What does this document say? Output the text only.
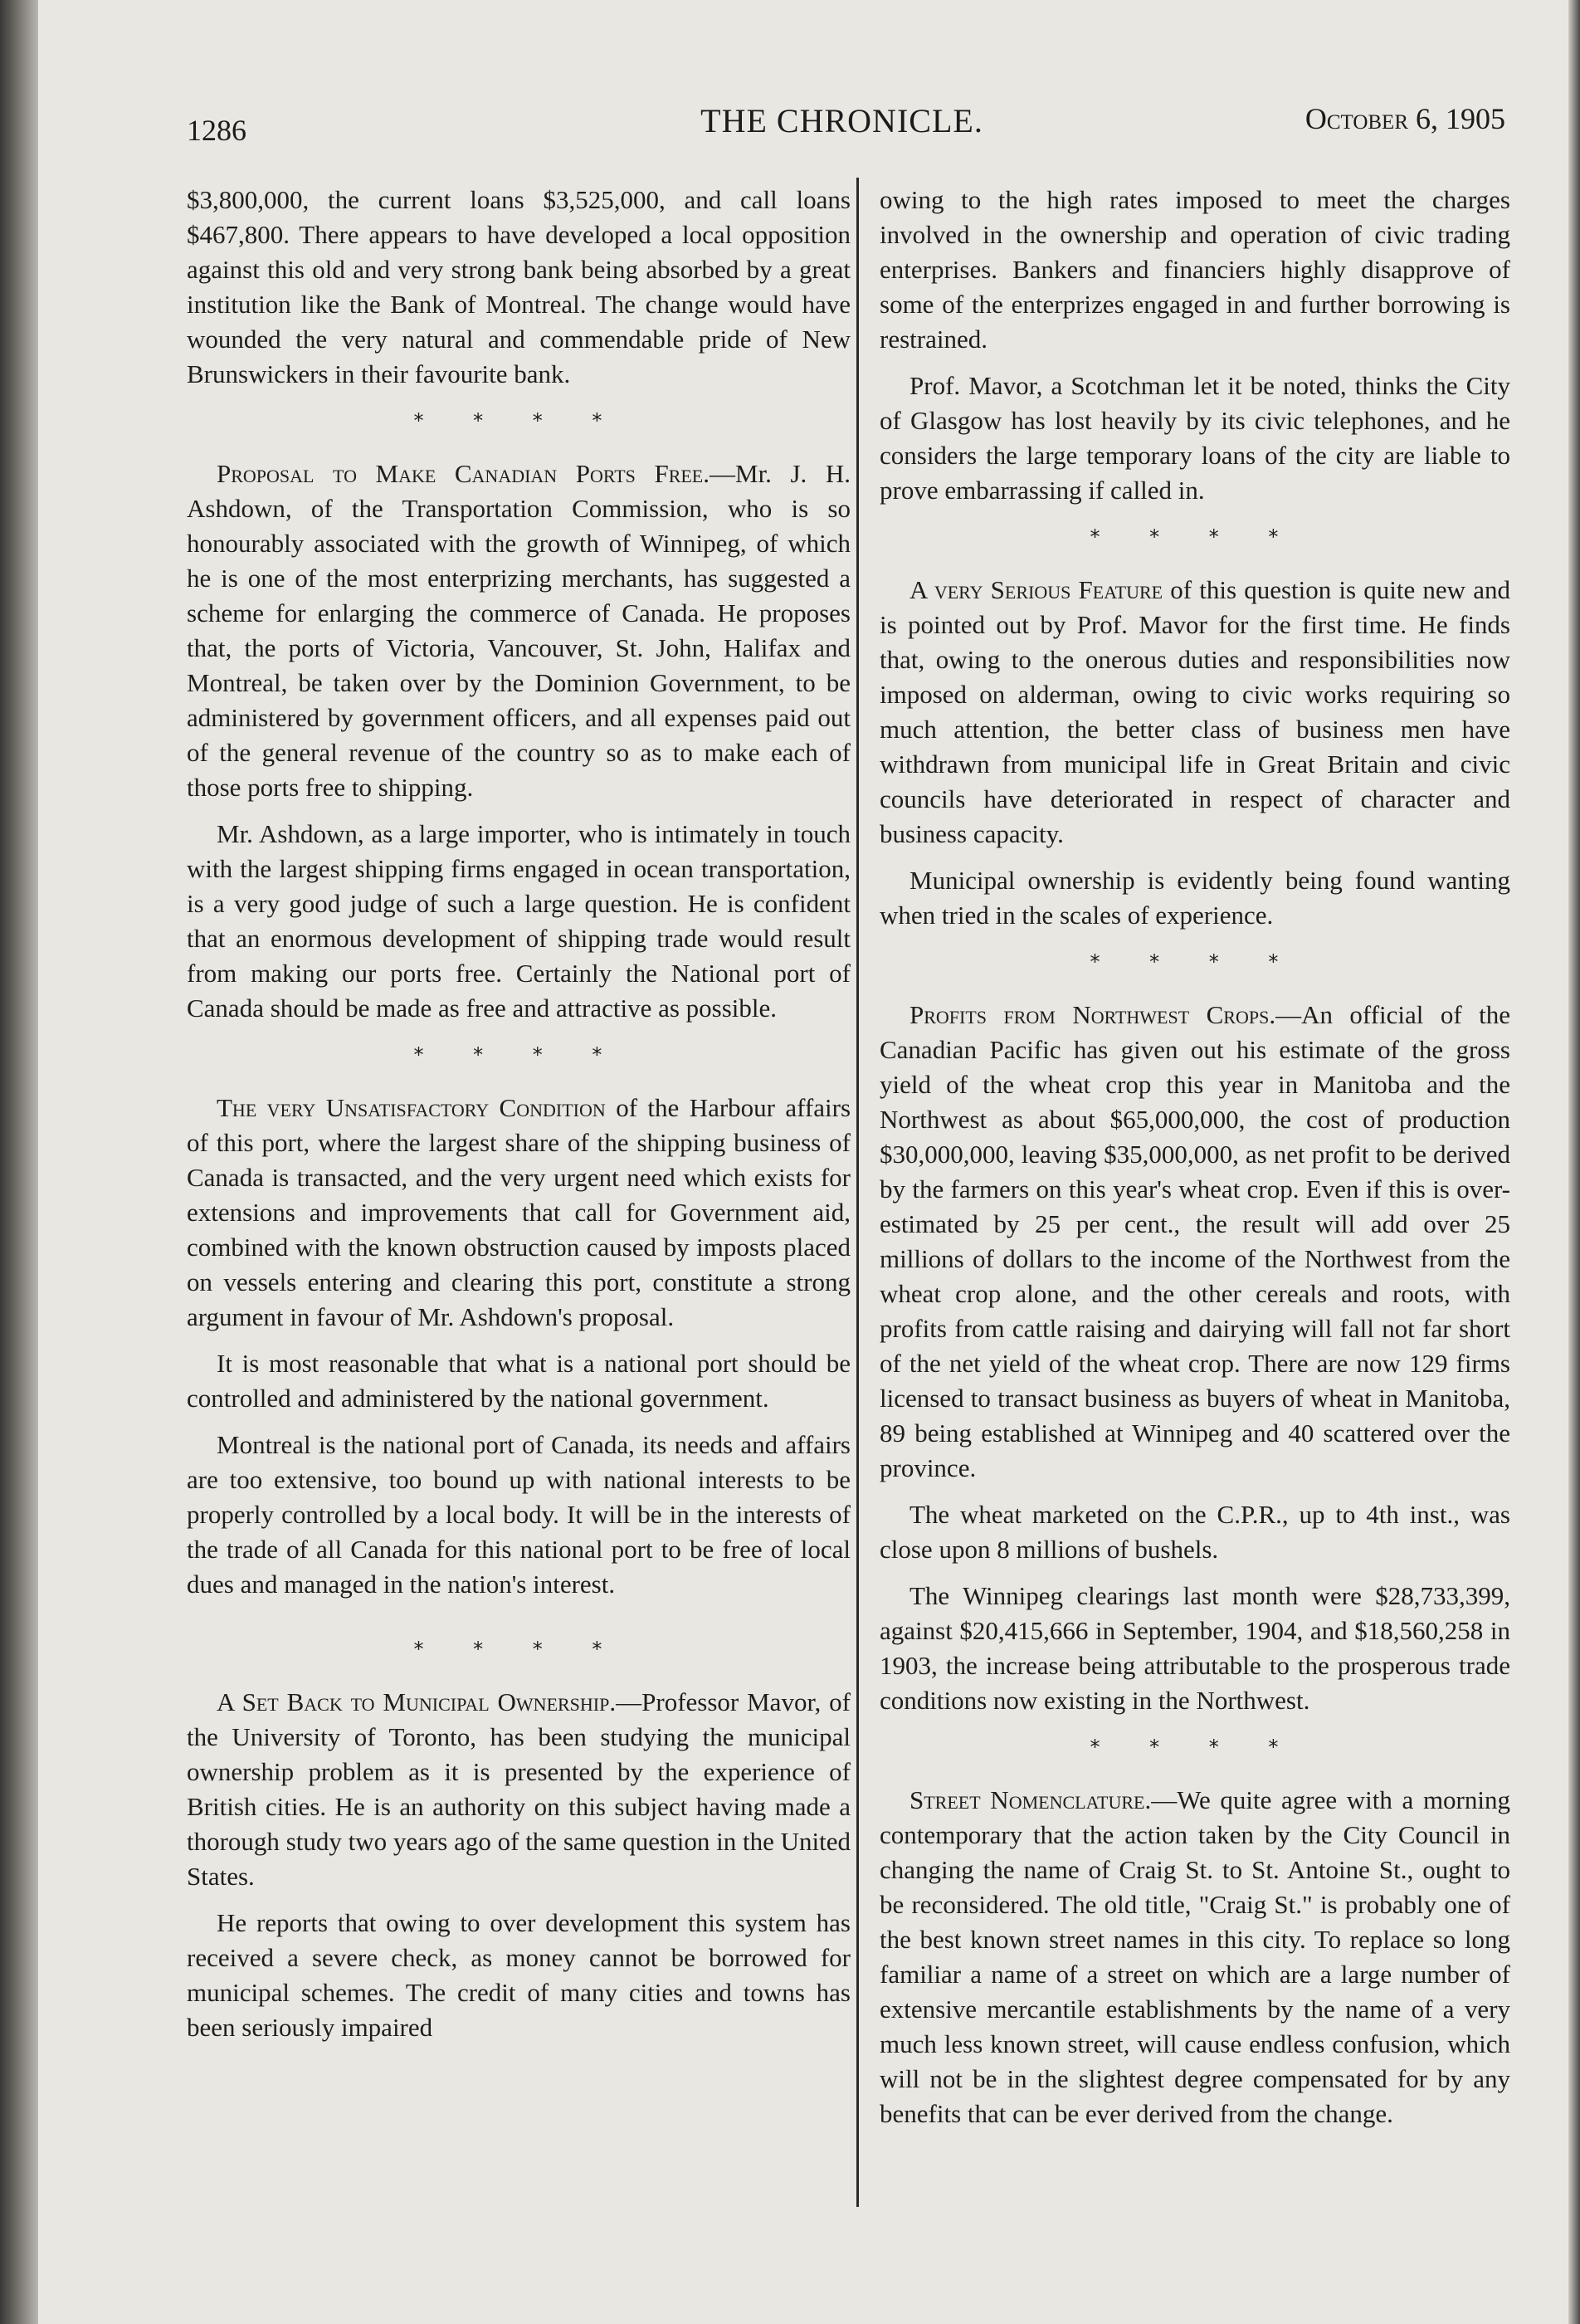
1286	THE CHRONICLE.	October 6, 1905

$3,800,000, the current loans $3,525,000, and call loans $467,800. There appears to have developed a local opposition against this old and very strong bank being absorbed by a great institution like the Bank of Montreal. The change would have wounded the very natural and commendable pride of New Brunswickers in their favourite bank.

* * * *

Proposal to Make Canadian Ports Free.—Mr. J. H. Ashdown, of the Transportation Commission, who is so honourably associated with the growth of Winnipeg, of which he is one of the most enterprizing merchants, has suggested a scheme for enlarging the commerce of Canada. He proposes that, the ports of Victoria, Vancouver, St. John, Halifax and Montreal, be taken over by the Dominion Government, to be administered by government officers, and all expenses paid out of the general revenue of the country so as to make each of those ports free to shipping.

Mr. Ashdown, as a large importer, who is intimately in touch with the largest shipping firms engaged in ocean transportation, is a very good judge of such a large question. He is confident that an enormous development of shipping trade would result from making our ports free. Certainly the National port of Canada should be made as free and attractive as possible.

* * * *

The very Unsatisfactory Condition of the Harbour affairs of this port, where the largest share of the shipping business of Canada is transacted, and the very urgent need which exists for extensions and improvements that call for Government aid, combined with the known obstruction caused by imposts placed on vessels entering and clearing this port, constitute a strong argument in favour of Mr. Ashdown's proposal.

It is most reasonable that what is a national port should be controlled and administered by the national government.

Montreal is the national port of Canada, its needs and affairs are too extensive, too bound up with national interests to be properly controlled by a local body. It will be in the interests of the trade of all Canada for this national port to be free of local dues and managed in the nation's interest.

* * * *

A Set Back to Municipal Ownership.—Professor Mavor, of the University of Toronto, has been studying the municipal ownership problem as it is presented by the experience of British cities. He is an authority on this subject having made a thorough study two years ago of the same question in the United States.

He reports that owing to over development this system has received a severe check, as money cannot be borrowed for municipal schemes. The credit of many cities and towns has been seriously impaired

owing to the high rates imposed to meet the charges involved in the ownership and operation of civic trading enterprises. Bankers and financiers highly disapprove of some of the enterprizes engaged in and further borrowing is restrained.

Prof. Mavor, a Scotchman let it be noted, thinks the City of Glasgow has lost heavily by its civic telephones, and he considers the large temporary loans of the city are liable to prove embarrassing if called in.

* * * *

A very Serious Feature of this question is quite new and is pointed out by Prof. Mavor for the first time. He finds that, owing to the onerous duties and responsibilities now imposed on alderman, owing to civic works requiring so much attention, the better class of business men have withdrawn from municipal life in Great Britain and civic councils have deteriorated in respect of character and business capacity.

Municipal ownership is evidently being found wanting when tried in the scales of experience.

* * * *

Profits from Northwest Crops.—An official of the Canadian Pacific has given out his estimate of the gross yield of the wheat crop this year in Manitoba and the Northwest as about $65,000,000, the cost of production $30,000,000, leaving $35,000,000, as net profit to be derived by the farmers on this year's wheat crop. Even if this is over-estimated by 25 per cent., the result will add over 25 millions of dollars to the income of the Northwest from the wheat crop alone, and the other cereals and roots, with profits from cattle raising and dairying will fall not far short of the net yield of the wheat crop. There are now 129 firms licensed to transact business as buyers of wheat in Manitoba, 89 being established at Winnipeg and 40 scattered over the province.

The wheat marketed on the C.P.R., up to 4th inst., was close upon 8 millions of bushels.

The Winnipeg clearings last month were $28,733,399, against $20,415,666 in September, 1904, and $18,560,258 in 1903, the increase being attributable to the prosperous trade conditions now existing in the Northwest.

* * * *

Street Nomenclature.—We quite agree with a morning contemporary that the action taken by the City Council in changing the name of Craig St. to St. Antoine St., ought to be reconsidered. The old title, "Craig St." is probably one of the best known street names in this city. To replace so long familiar a name of a street on which are a large number of extensive mercantile establishments by the name of a very much less known street, will cause endless confusion, which will not be in the slightest degree compensated for by any benefits that can be ever derived from the change.
